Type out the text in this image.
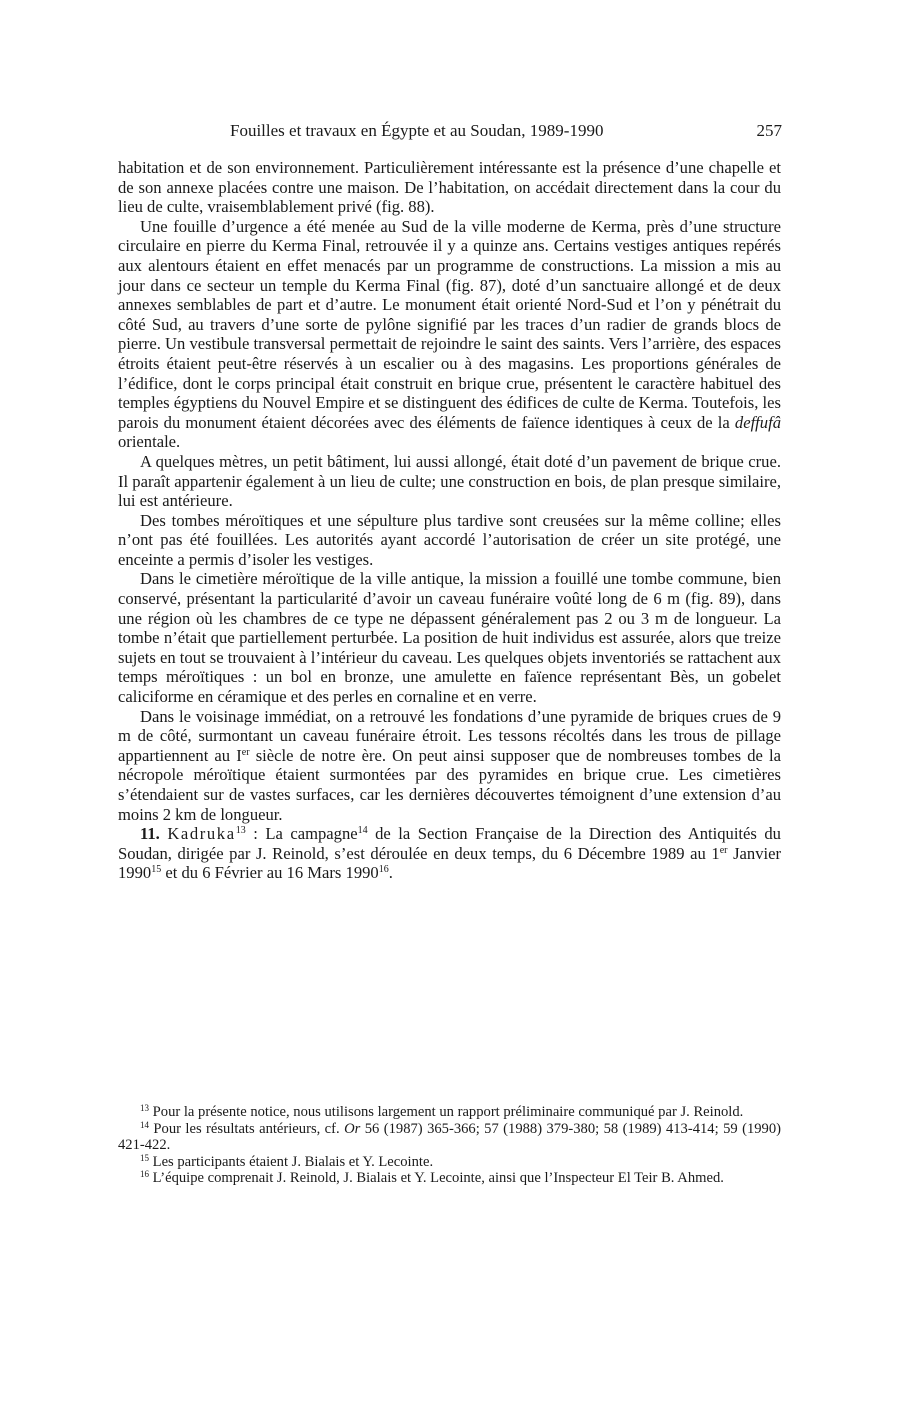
Fouilles et travaux en Égypte et au Soudan, 1989-1990	257

habitation et de son environnement. Particulièrement intéressante est la présence d’une chapelle et de son annexe placées contre une maison. De l’habitation, on accédait directement dans la cour du lieu de culte, vraisemblablement privé (fig. 88).

Une fouille d’urgence a été menée au Sud de la ville moderne de Kerma, près d’une structure circulaire en pierre du Kerma Final, retrouvée il y a quinze ans. Certains vestiges antiques repérés aux alentours étaient en effet menacés par un programme de constructions. La mission a mis au jour dans ce secteur un temple du Kerma Final (fig. 87), doté d’un sanctuaire allongé et de deux annexes semblables de part et d’autre. Le monument était orienté Nord-Sud et l’on y pénétrait du côté Sud, au travers d’une sorte de pylône signifié par les traces d’un radier de grands blocs de pierre. Un vestibule transversal permettait de rejoindre le saint des saints. Vers l’arrière, des espaces étroits étaient peut-être réservés à un escalier ou à des magasins. Les proportions générales de l’édifice, dont le corps principal était construit en brique crue, présentent le caractère habituel des temples égyptiens du Nouvel Empire et se distinguent des édifices de culte de Kerma. Toutefois, les parois du monument étaient décorées avec des éléments de faïence identiques à ceux de la deffufâ orientale.

A quelques mètres, un petit bâtiment, lui aussi allongé, était doté d’un pavement de brique crue. Il paraît appartenir également à un lieu de culte; une construction en bois, de plan presque similaire, lui est antérieure.

Des tombes méroïtiques et une sépulture plus tardive sont creusées sur la même colline; elles n’ont pas été fouillées. Les autorités ayant accordé l’autorisation de créer un site protégé, une enceinte a permis d’isoler les vestiges.

Dans le cimetière méroïtique de la ville antique, la mission a fouillé une tombe commune, bien conservé, présentant la particularité d’avoir un caveau funéraire voûté long de 6 m (fig. 89), dans une région où les chambres de ce type ne dépassent généralement pas 2 ou 3 m de longueur. La tombe n’était que partiellement perturbée. La position de huit individus est assurée, alors que treize sujets en tout se trouvaient à l’intérieur du caveau. Les quelques objets inventoriés se rattachent aux temps méroïtiques : un bol en bronze, une amulette en faïence représentant Bès, un gobelet caliciforme en céramique et des perles en cornaline et en verre.

Dans le voisinage immédiat, on a retrouvé les fondations d’une pyramide de briques crues de 9 m de côté, surmontant un caveau funéraire étroit. Les tessons récoltés dans les trous de pillage appartiennent au Ier siècle de notre ère. On peut ainsi supposer que de nombreuses tombes de la nécropole méroïtique étaient surmontées par des pyramides en brique crue. Les cimetières s’étendaient sur de vastes surfaces, car les dernières découvertes témoignent d’une extension d’au moins 2 km de longueur.

11. Kadruka$^{13}$ : La campagne$^{14}$ de la Section Française de la Direction des Antiquités du Soudan, dirigée par J. Reinold, s’est déroulée en deux temps, du 6 Décembre 1989 au 1er Janvier 1990$^{15}$ et du 6 Février au 16 Mars 1990$^{16}$.

$^{13}$ Pour la présente notice, nous utilisons largement un rapport préliminaire communiqué par J. Reinold.

$^{14}$ Pour les résultats antérieurs, cf. Or 56 (1987) 365-366; 57 (1988) 379-380; 58 (1989) 413-414; 59 (1990) 421-422.

$^{15}$ Les participants étaient J. Bialais et Y. Lecointe.

$^{16}$ L’équipe comprenait J. Reinold, J. Bialais et Y. Lecointe, ainsi que l’Inspecteur El Teir B. Ahmed.
